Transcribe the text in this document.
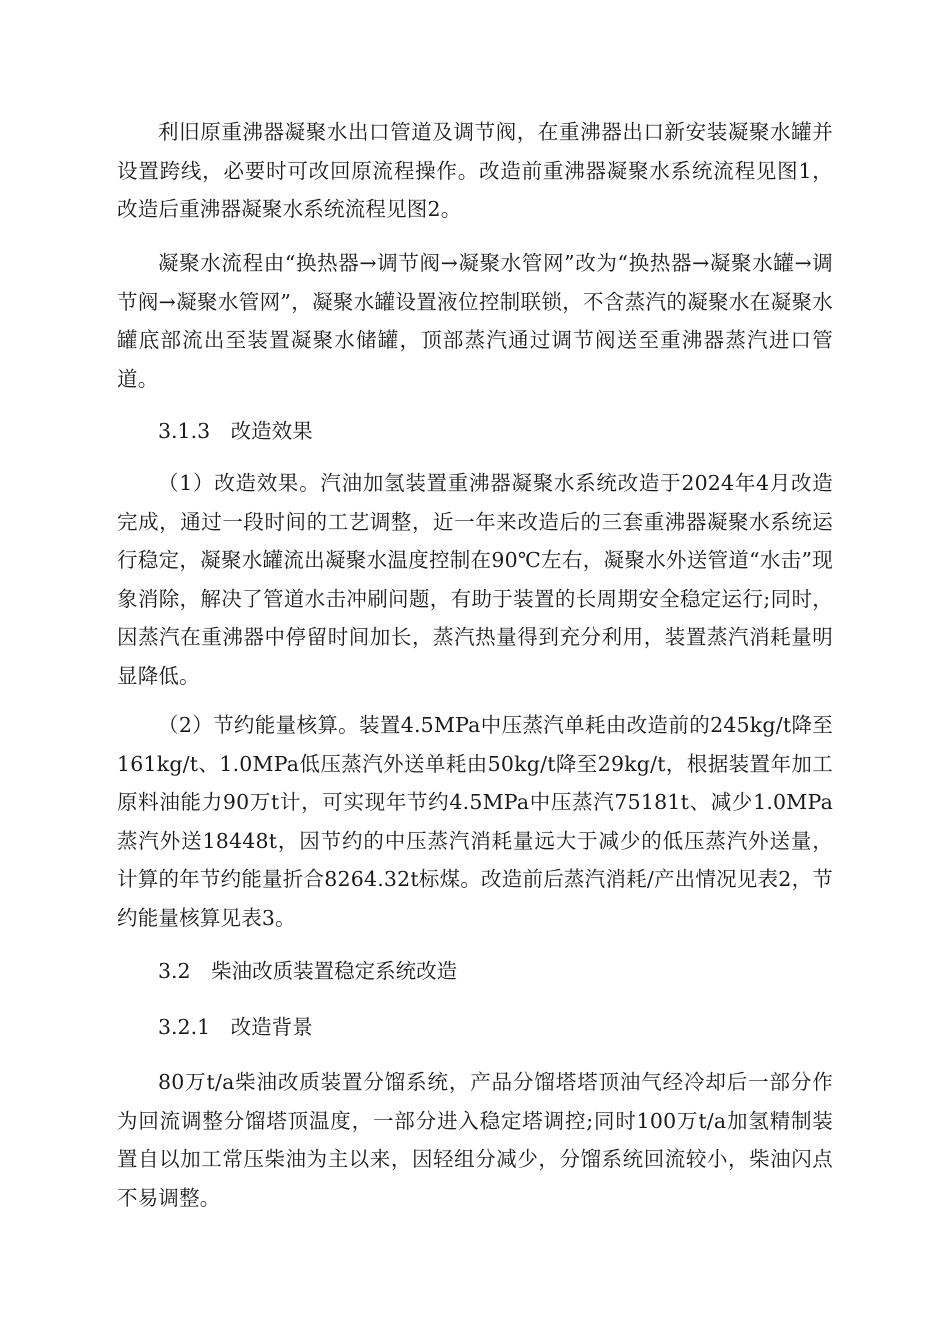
利旧原重沸器凝聚水出口管道及调节阀，在重沸器出口新安装凝聚水罐并设置跨线，必要时可改回原流程操作。改造前重沸器凝聚水系统流程见图1，改造后重沸器凝聚水系统流程见图2。

凝聚水流程由“换热器→调节阀→凝聚水管网”改为“换热器→凝聚水罐→调节阀→凝聚水管网”，凝聚水罐设置液位控制联锁，不含蒸汽的凝聚水在凝聚水罐底部流出至装置凝聚水储罐，顶部蒸汽通过调节阀送至重沸器蒸汽进口管道。

3.1.3　改造效果

（1）改造效果。汽油加氢装置重沸器凝聚水系统改造于2024年4月改造完成，通过一段时间的工艺调整，近一年来改造后的三套重沸器凝聚水系统运行稳定，凝聚水罐流出凝聚水温度控制在90℃左右，凝聚水外送管道“水击”现象消除，解决了管道水击冲刷问题，有助于装置的长周期安全稳定运行;同时，因蒸汽在重沸器中停留时间加长，蒸汽热量得到充分利用，装置蒸汽消耗量明显降低。

（2）节约能量核算。装置4.5MPa中压蒸汽单耗由改造前的245kg/t降至161kg/t、1.0MPa低压蒸汽外送单耗由50kg/t降至29kg/t，根据装置年加工原料油能力90万t计，可实现年节约4.5MPa中压蒸汽75181t、减少1.0MPa蒸汽外送18448t，因节约的中压蒸汽消耗量远大于减少的低压蒸汽外送量，计算的年节约能量折合8264.32t标煤。改造前后蒸汽消耗/产出情况见表2，节约能量核算见表3。

3.2　柴油改质装置稳定系统改造

3.2.1　改造背景

80万t/a柴油改质装置分馏系统，产品分馏塔塔顶油气经冷却后一部分作为回流调整分馏塔顶温度，一部分进入稳定塔调控;同时100万t/a加氢精制装置自以加工常压柴油为主以来，因轻组分减少，分馏系统回流较小，柴油闪点不易调整。
